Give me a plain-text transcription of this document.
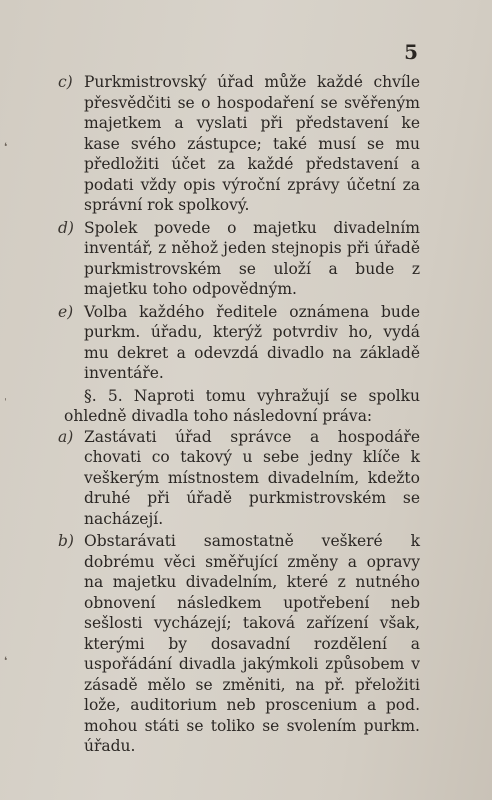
5
❛
ˈ
❛
c) Purkmistrovský úřad může každé chvíle přesvědčiti se o hospodaření se svěřeným majetkem a vyslati při představení ke kase svého zástupce; také musí se mu předložiti účet za každé představení a podati vždy opis výroční zprávy účetní za správní rok spolkový.
d) Spolek povede o majetku divadelním inventář, z něhož jeden stejnopis při úřadě purkmistrovském se uloží a bude z majetku toho odpovědným.
e) Volba každého ředitele oznámena bude purkm. úřadu, kterýž potvrdiv ho, vydá mu dekret a odevzdá divadlo na základě inventáře.

§. 5. Naproti tomu vyhražují se spolku ohledně divadla toho následovní práva:

a) Zastávati úřad správce a hospodáře chovati co takový u sebe jedny klíče k veškerým místnostem divadelním, kdežto druhé při úřadě purkmistrovském se nacházejí.
b) Obstarávati samostatně veškeré k dobrému věci směřující změny a opravy na majetku divadelním, které z nutného obnovení následkem upotřebení neb sešlosti vycházejí; taková zařízení však, kterými by dosavadní rozdělení a uspořádání divadla jakýmkoli způsobem v zásadě mělo se změniti, na př. přeložiti lože, auditorium neb proscenium a pod. mohou státi se toliko se svolením purkm. úřadu.
